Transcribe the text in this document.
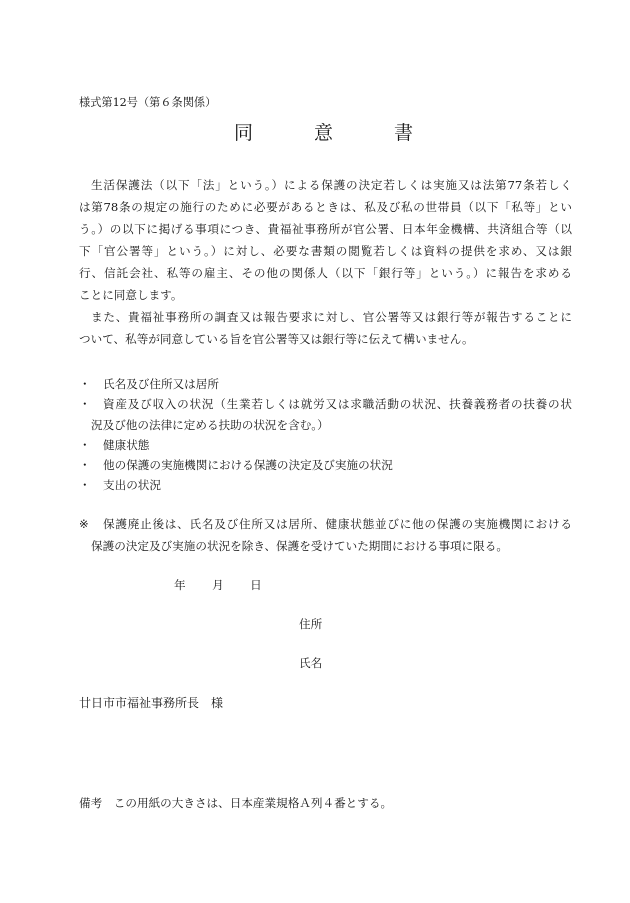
様式第12号（第６条関係）
同意書
生活保護法（以下「法」という。）による保護の決定若しくは実施又は法第77条若しく
は第78条の規定の施行のために必要があるときは、私及び私の世帯員（以下「私等」とい
う。）の以下に掲げる事項につき、貴福祉事務所が官公署、日本年金機構、共済組合等（以
下「官公署等」という。）に対し、必要な書類の閲覧若しくは資料の提供を求め、又は銀
行、信託会社、私等の雇主、その他の関係人（以下「銀行等」という。）に報告を求める
ことに同意します。
また、貴福祉事務所の調査又は報告要求に対し、官公署等又は銀行等が報告することに
ついて、私等が同意している旨を官公署等又は銀行等に伝えて構いません。
・	氏名及び住所又は居所
・	資産及び収入の状況（生業若しくは就労又は求職活動の状況、扶養義務者の扶養の状
況及び他の法律に定める扶助の状況を含む。）
・	健康状態
・	他の保護の実施機関における保護の決定及び実施の状況
・	支出の状況
※	保護廃止後は、氏名及び住所又は居所、健康状態並びに他の保護の実施機関における
保護の決定及び実施の状況を除き、保護を受けていた期間における事項に限る。
年　　月　　日
住所
氏名
廿日市市福祉事務所長　様
備考　この用紙の大きさは、日本産業規格Ａ列４番とする。
